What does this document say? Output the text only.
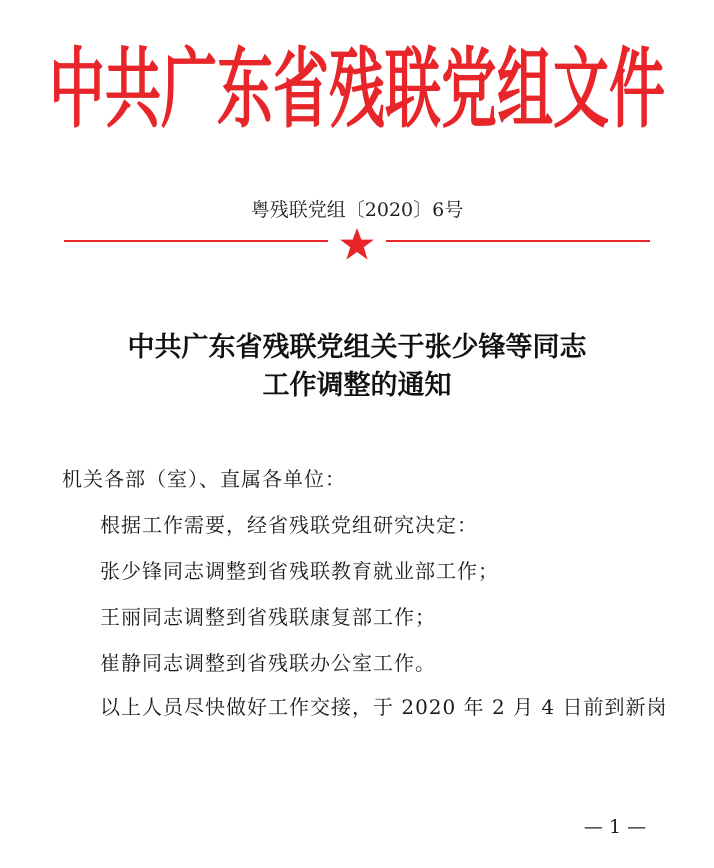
中共广东省残联党组文件
粤残联党组〔2020〕6号
中共广东省残联党组关于张少锋等同志
工作调整的通知
机关各部（室）、直属各单位：
根据工作需要，经省残联党组研究决定：
张少锋同志调整到省残联教育就业部工作；
王丽同志调整到省残联康复部工作；
崔静同志调整到省残联办公室工作。
以上人员尽快做好工作交接，于 2020 年 2 月 4 日前到新岗
— 1 —
